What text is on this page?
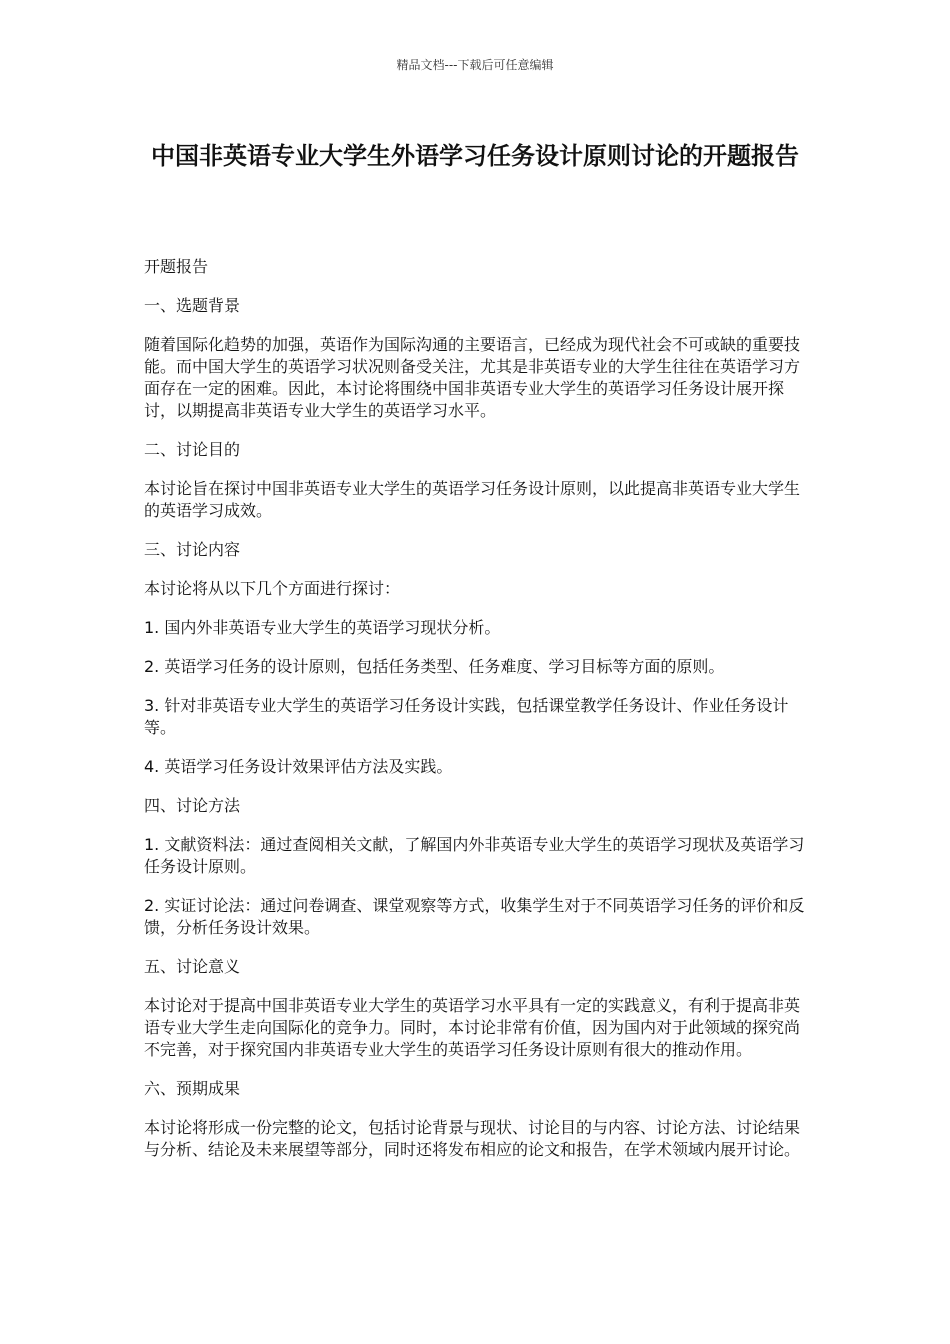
精品文档---下载后可任意编辑
中国非英语专业大学生外语学习任务设计原则讨论的开题报告

开题报告

一、选题背景

随着国际化趋势的加强，英语作为国际沟通的主要语言，已经成为现代社会不可或缺的重要技能。而中国大学生的英语学习状况则备受关注，尤其是非英语专业的大学生往往在英语学习方面存在一定的困难。因此，本讨论将围绕中国非英语专业大学生的英语学习任务设计展开探讨，以期提高非英语专业大学生的英语学习水平。

二、讨论目的

本讨论旨在探讨中国非英语专业大学生的英语学习任务设计原则，以此提高非英语专业大学生的英语学习成效。

三、讨论内容

本讨论将从以下几个方面进行探讨：

1. 国内外非英语专业大学生的英语学习现状分析。

2. 英语学习任务的设计原则，包括任务类型、任务难度、学习目标等方面的原则。

3. 针对非英语专业大学生的英语学习任务设计实践，包括课堂教学任务设计、作业任务设计等。

4. 英语学习任务设计效果评估方法及实践。

四、讨论方法

1. 文献资料法：通过查阅相关文献，了解国内外非英语专业大学生的英语学习现状及英语学习任务设计原则。

2. 实证讨论法：通过问卷调查、课堂观察等方式，收集学生对于不同英语学习任务的评价和反馈，分析任务设计效果。

五、讨论意义

本讨论对于提高中国非英语专业大学生的英语学习水平具有一定的实践意义，有利于提高非英语专业大学生走向国际化的竞争力。同时，本讨论非常有价值，因为国内对于此领域的探究尚不完善，对于探究国内非英语专业大学生的英语学习任务设计原则有很大的推动作用。

六、预期成果

本讨论将形成一份完整的论文，包括讨论背景与现状、讨论目的与内容、讨论方法、讨论结果与分析、结论及未来展望等部分，同时还将发布相应的论文和报告，在学术领域内展开讨论。
